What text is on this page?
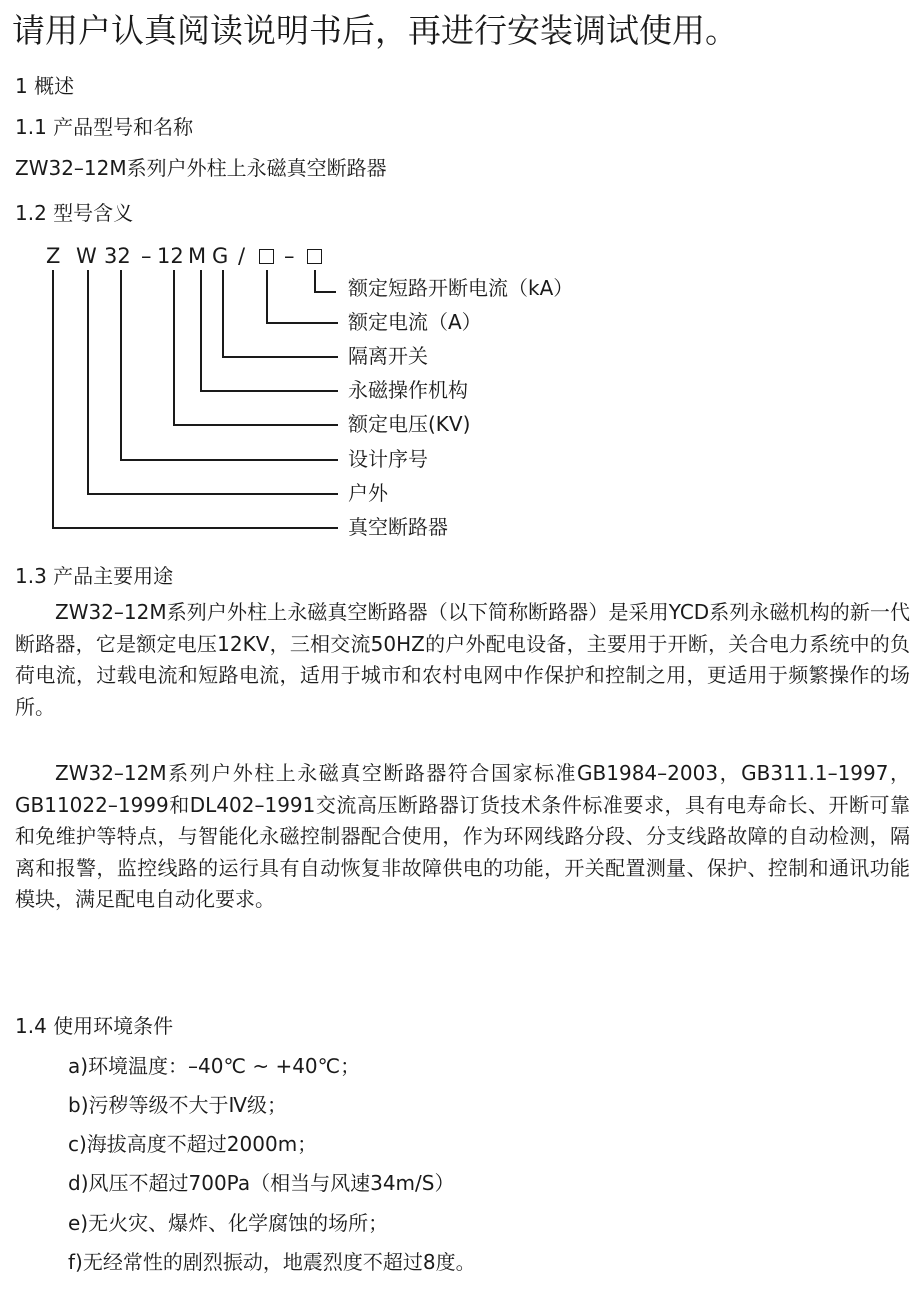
请用户认真阅读说明书后，再进行安装调试使用。
1 概述
1.1 产品型号和名称
ZW32–12M系列户外柱上永磁真空断路器
1.2 型号含义
Z W 32 – 12 M G / –
额定短路开断电流（kA）
额定电流（A）
隔离开关
永磁操作机构
额定电压(KV)
设计序号
户外
真空断路器
1.3 产品主要用途
ZW32–12M系列户外柱上永磁真空断路器（以下简称断路器）是采用YCD系列永磁机构的新一代断路器，它是额定电压12KV，三相交流50HZ的户外配电设备，主要用于开断，关合电力系统中的负荷电流，过载电流和短路电流，适用于城市和农村电网中作保护和控制之用，更适用于频繁操作的场所。
ZW32–12M系列户外柱上永磁真空断路器符合国家标准GB1984–2003，GB311.1–1997，GB11022–1999和DL402–1991交流高压断路器订货技术条件标准要求，具有电寿命长、开断可靠和免维护等特点，与智能化永磁控制器配合使用，作为环网线路分段、分支线路故障的自动检测，隔离和报警，监控线路的运行具有自动恢复非故障供电的功能，开关配置测量、保护、控制和通讯功能模块，满足配电自动化要求。
1.4 使用环境条件
a)环境温度：–40℃ ~ +40℃；
b)污秽等级不大于Ⅳ级；
c)海拔高度不超过2000m；
d)风压不超过700Pa（相当与风速34m/S）
e)无火灾、爆炸、化学腐蚀的场所；
f)无经常性的剧烈振动，地震烈度不超过8度。
